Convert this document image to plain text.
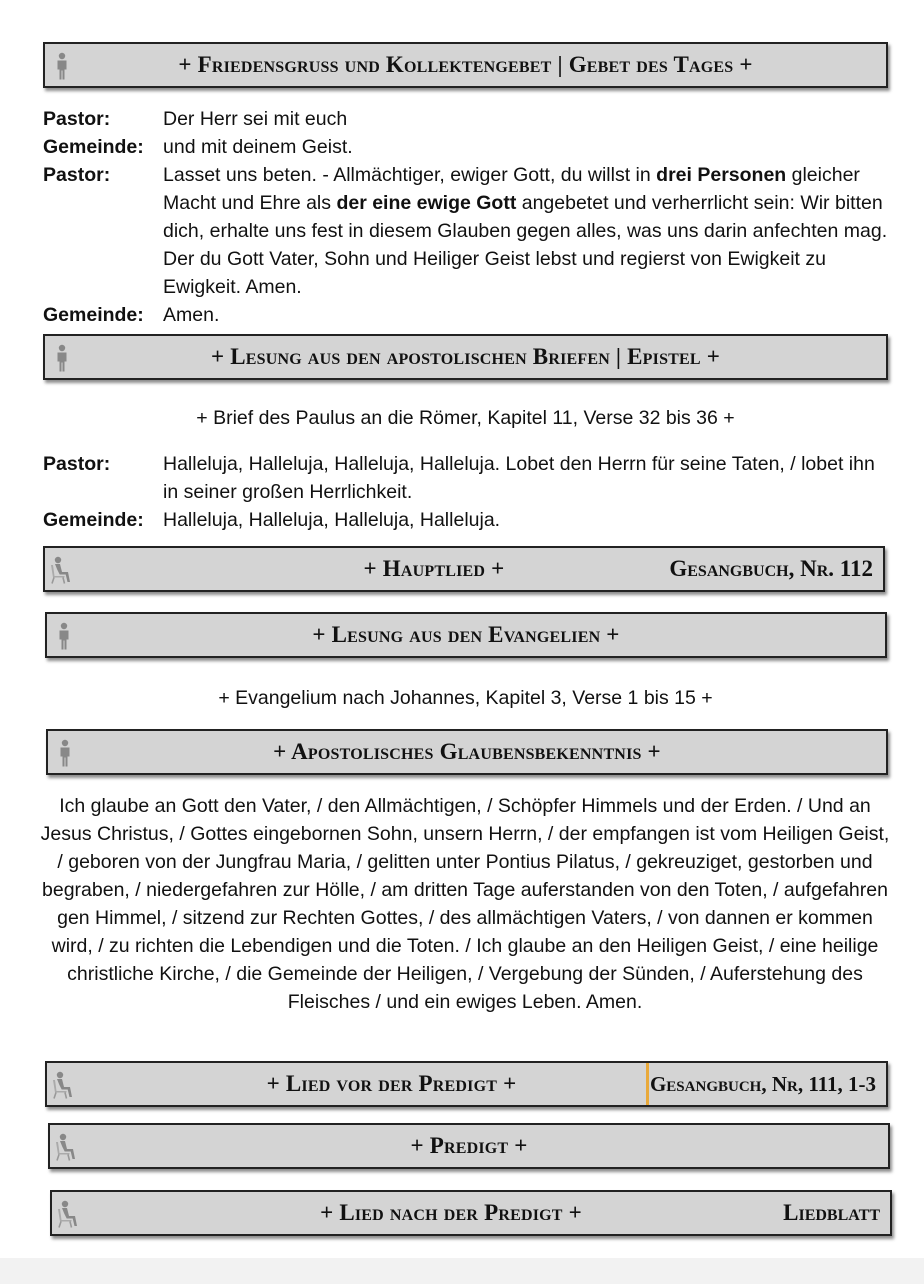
+ Friedensgruss und Kollektengebet | Gebet des Tages +
Pastor:	Der Herr sei mit euch
Gemeinde: und mit deinem Geist.
Pastor:	Lasset uns beten. - Allmächtiger, ewiger Gott, du willst in drei Personen gleicher Macht und Ehre als der eine ewige Gott angebetet und verherrlicht sein: Wir bitten dich, erhalte uns fest in diesem Glauben gegen alles, was uns darin anfechten mag. Der du Gott Vater, Sohn und Heiliger Geist lebst und regierst von Ewigkeit zu Ewigkeit. Amen.
Gemeinde: Amen.
+ Lesung aus den apostolischen Briefen | Epistel +
+ Brief des Paulus an die Römer, Kapitel 11, Verse 32 bis 36 +
Pastor:	Halleluja, Halleluja, Halleluja, Halleluja. Lobet den Herrn für seine Taten, / lobet ihn in seiner großen Herrlichkeit.
Gemeinde: Halleluja, Halleluja, Halleluja, Halleluja.
+ Hauptlied +	Gesangbuch, Nr. 112
+ Lesung aus den Evangelien +
+ Evangelium nach Johannes, Kapitel 3, Verse 1 bis 15 +
+ Apostolisches Glaubensbekenntnis +
Ich glaube an Gott den Vater, / den Allmächtigen, / Schöpfer Himmels und der Erden. / Und an Jesus Christus, / Gottes eingebornen Sohn, unsern Herrn, / der empfangen ist vom Heiligen Geist, / geboren von der Jungfrau Maria, / gelitten unter Pontius Pilatus, / gekreuziget, gestorben und begraben, / niedergefahren zur Hölle, / am dritten Tage auferstanden von den Toten, / aufgefahren gen Himmel, / sitzend zur Rechten Gottes, / des allmächtigen Vaters, / von dannen er kommen wird, / zu richten die Lebendigen und die Toten. / Ich glaube an den Heiligen Geist, / eine heilige christliche Kirche, / die Gemeinde der Heiligen, / Vergebung der Sünden, / Auferstehung des Fleisches / und ein ewiges Leben. Amen.
+ Lied vor der Predigt +	Gesangbuch, Nr, 111, 1-3
+ Predigt +
+ Lied nach der Predigt +	Liedblatt
